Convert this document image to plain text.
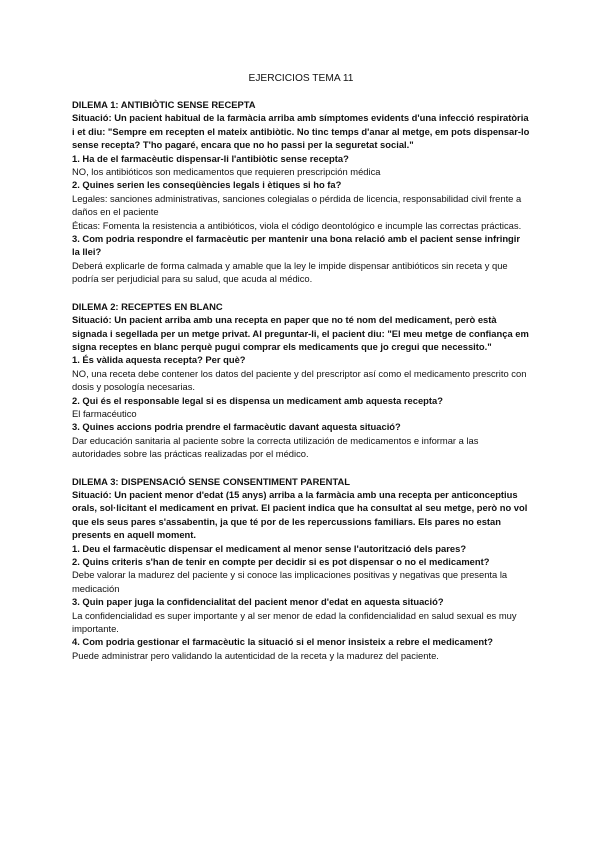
EJERCICIOS TEMA 11

DILEMA 1: ANTIBIÒTIC SENSE RECEPTA

Situació: Un pacient habitual de la farmàcia arriba amb símptomes evidents d'una infecció respiratòria i et diu: "Sempre em recepten el mateix antibiòtic. No tinc temps d'anar al metge, em pots dispensar-lo sense recepta? T'ho pagaré, encara que no ho passi per la seguretat social."

1. Ha de el farmacèutic dispensar-li l'antibiòtic sense recepta?

NO, los antibióticos son medicamentos que requieren prescripción médica

2. Quines serien les conseqüències legals i ètiques si ho fa?

Legales: sanciones administrativas, sanciones colegialas o pérdida de licencia, responsabilidad civil frente a daños en el paciente

Éticas: Fomenta la resistencia a antibióticos, viola el código deontológico e incumple las correctas prácticas.

3. Com podria respondre el farmacèutic per mantenir una bona relació amb el pacient sense infringir la llei?

Deberá explicarle de forma calmada y amable que la ley le impide dispensar antibióticos sin receta y que podría ser perjudicial para su salud, que acuda al médico.

DILEMA 2: RECEPTES EN BLANC

Situació: Un pacient arriba amb una recepta en paper que no té nom del medicament, però està signada i segellada per un metge privat. Al preguntar-li, el pacient diu: "El meu metge de confiança em signa receptes en blanc perquè pugui comprar els medicaments que jo cregui que necessito."

1. És vàlida aquesta recepta? Per què?

NO, una receta debe contener los datos del paciente y del prescriptor así como el medicamento prescrito con dosis y posología necesarias.

2. Qui és el responsable legal si es dispensa un medicament amb aquesta recepta?

El farmacéutico

3. Quines accions podria prendre el farmacèutic davant aquesta situació?

Dar educación sanitaria al paciente sobre la correcta utilización de medicamentos e informar a las autoridades sobre las prácticas realizadas por el médico.

DILEMA 3: DISPENSACIÓ SENSE CONSENTIMENT PARENTAL

Situació: Un pacient menor d'edat (15 anys) arriba a la farmàcia amb una recepta per anticonceptius orals, sol·licitant el medicament en privat. El pacient indica que ha consultat al seu metge, però no vol que els seus pares s'assabentin, ja que té por de les repercussions familiars. Els pares no estan presents en aquell moment.

1. Deu el farmacèutic dispensar el medicament al menor sense l'autorització dels pares?

2. Quins criteris s'han de tenir en compte per decidir si es pot dispensar o no el medicament?

Debe valorar la madurez del paciente y si conoce las implicaciones positivas y negativas que presenta la medicación

3. Quin paper juga la confidencialitat del pacient menor d'edat en aquesta situació?

La confidencialidad es super importante y al ser menor de edad la confidencialidad en salud sexual es muy importante.

4. Com podria gestionar el farmacèutic la situació si el menor insisteix a rebre el medicament?

Puede administrar pero validando la autenticidad de la receta y la madurez del paciente.
